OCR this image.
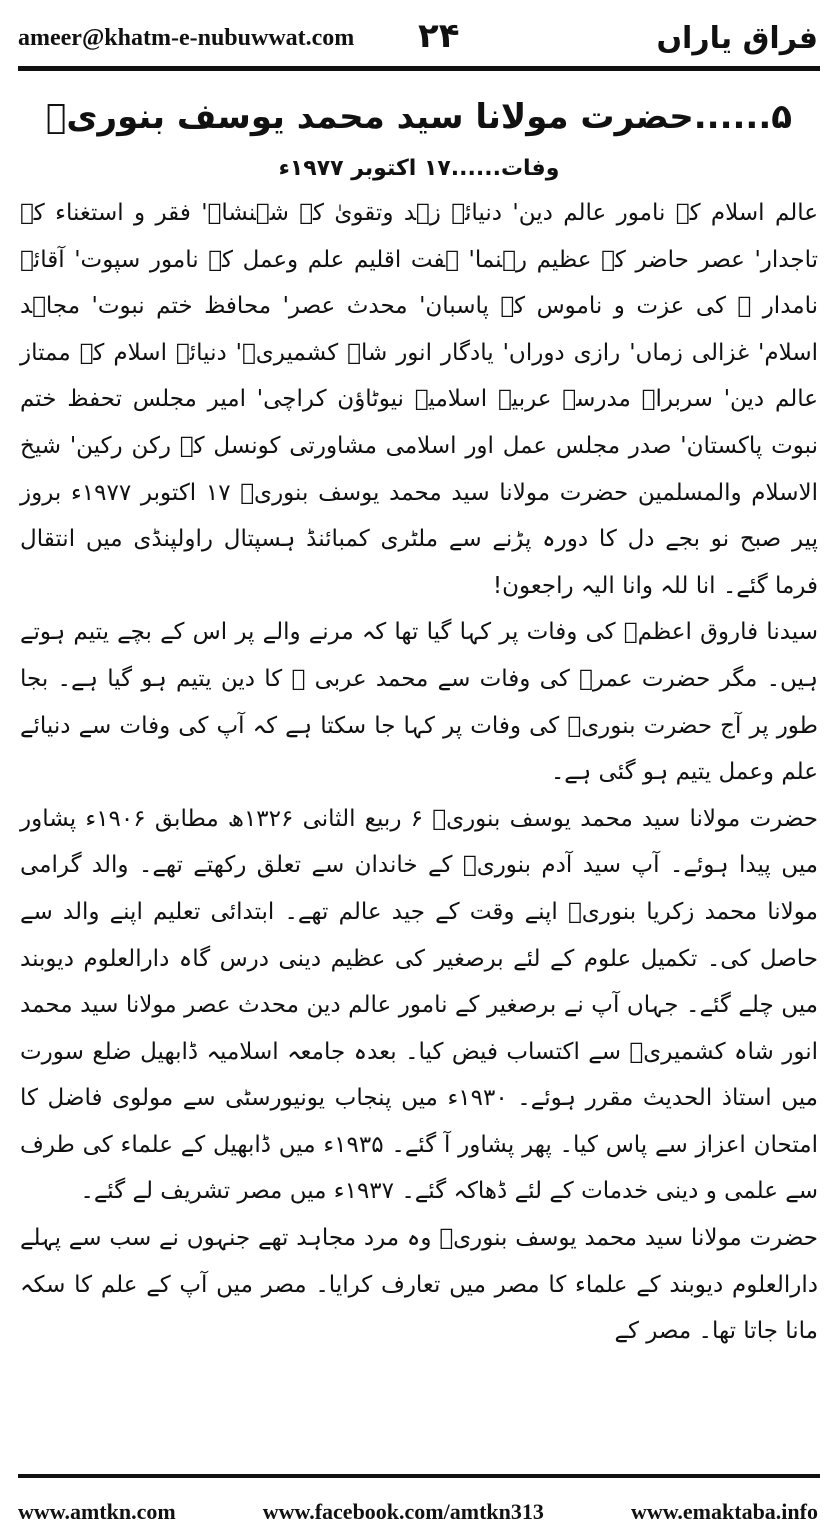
ameer@khatm-e-nubuwwat.com ۲۴	فراق یاراں
۵......حضرت مولانا سید محمد یوسف بنوریؒ
وفات......۱۷ اکتوبر ۱۹۷۷ء

عالم اسلام کے نامور عالم دین' دنیائے زہد وتقویٰ کے شہنشاہ' فقر و استغناء کے تاجدار' عصر حاضر کے عظیم رہنما' ہفت اقلیم علم وعمل کے نامور سپوت' آقائے نامدار ﷺ کی عزت و ناموس کے پاسبان' محدث عصر' محافظ ختم نبوت' مجاہد اسلام' غزالی زماں' رازی دوراں' یادگار انور شاہ کشمیریؒ' دنیائے اسلام کے ممتاز عالم دین' سربراہ مدرسہ عربیہ اسلامیہ نیوٹاؤن کراچی' امیر مجلس تحفظ ختم نبوت پاکستان' صدر مجلس عمل اور اسلامی مشاورتی کونسل کے رکن رکین' شیخ الاسلام والمسلمین حضرت مولانا سید محمد یوسف بنوریؒ ۱۷ اکتوبر ۱۹۷۷ء بروز پیر صبح نو بجے دل کا دورہ پڑنے سے ملٹری کمبائنڈ ہسپتال راولپنڈی میں انتقال فرما گئے۔ انا للہ وانا الیہ راجعون!

سیدنا فاروق اعظمؓ کی وفات پر کہا گیا تھا کہ مرنے والے پر اس کے بچے یتیم ہوتے ہیں۔ مگر حضرت عمرؓ کی وفات سے محمد عربی ﷺ کا دین یتیم ہو گیا ہے۔ بجا طور پر آج حضرت بنوریؒ کی وفات پر کہا جا سکتا ہے کہ آپ کی وفات سے دنیائے علم وعمل یتیم ہو گئی ہے۔

حضرت مولانا سید محمد یوسف بنوریؒ ۶ ربیع الثانی ۱۳۲۶ھ مطابق ۱۹۰۶ء پشاور میں پیدا ہوئے۔ آپ سید آدم بنوریؒ کے خاندان سے تعلق رکھتے تھے۔ والد گرامی مولانا محمد زکریا بنوریؒ اپنے وقت کے جید عالم تھے۔ ابتدائی تعلیم اپنے والد سے حاصل کی۔ تکمیل علوم کے لئے برصغیر کی عظیم دینی درس گاہ دارالعلوم دیوبند میں چلے گئے۔ جہاں آپ نے برصغیر کے نامور عالم دین محدث عصر مولانا سید محمد انور شاہ کشمیریؒ سے اکتساب فیض کیا۔ بعدہ جامعہ اسلامیہ ڈابھیل ضلع سورت میں استاذ الحدیث مقرر ہوئے۔ ۱۹۳۰ء میں پنجاب یونیورسٹی سے مولوی فاضل کا امتحان اعزاز سے پاس کیا۔ پھر پشاور آ گئے۔ ۱۹۳۵ء میں ڈابھیل کے علماء کی طرف سے علمی و دینی خدمات کے لئے ڈھاکہ گئے۔ ۱۹۳۷ء میں مصر تشریف لے گئے۔

حضرت مولانا سید محمد یوسف بنوریؒ وہ مرد مجاہد تھے جنہوں نے سب سے پہلے دارالعلوم دیوبند کے علماء کا مصر میں تعارف کرایا۔ مصر میں آپ کے علم کا سکہ مانا جاتا تھا۔ مصر کے

www.amtkn.com	www.facebook.com/amtkn313	www.emaktaba.info
